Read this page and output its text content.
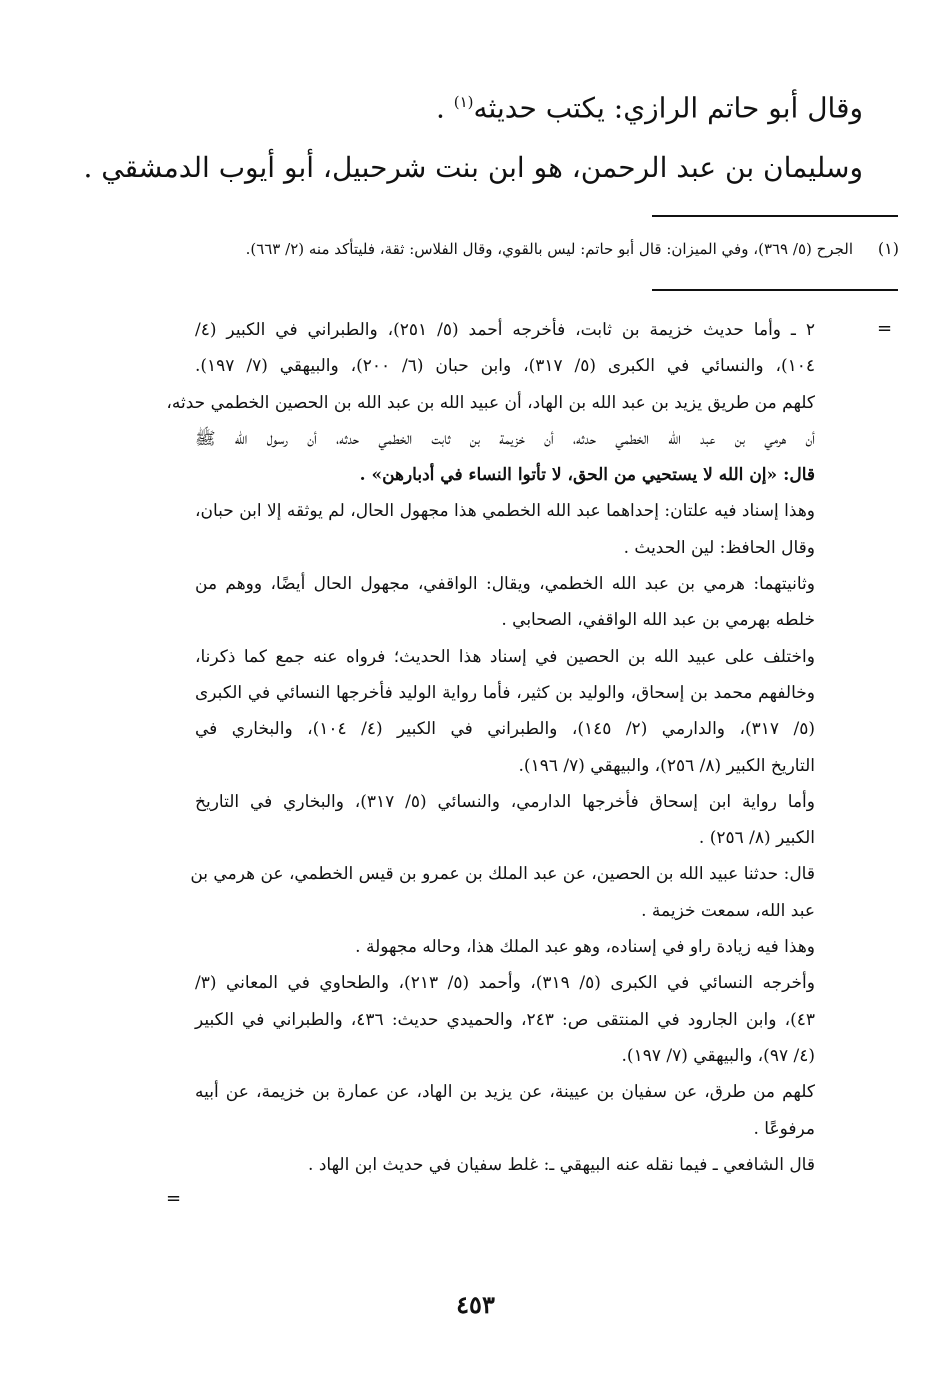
وقال أبو حاتم الرازي: يكتب حديثه$^{(١)}$ .
وسليمان بن عبد الرحمن، هو ابن بنت شرحبيل، أبو أيوب الدمشقي .
(١)
الجرح (٥/ ٣٦٩)، وفي الميزان: قال أبو حاتم: ليس بالقوي، وقال الفلاس: ثقة، فليتأكد منه (٢/ ٦٦٣).
=
٢ ـ وأما حديث خزيمة بن ثابت، فأخرجه أحمد (٥/ ٢٥١)، والطبراني في الكبير (٤/
١٠٤)، والنسائي في الكبرى (٥/ ٣١٧)، وابن حبان (٦/ ٢٠٠)، والبيهقي (٧/ ١٩٧).
كلهم من طريق يزيد بن عبد الله بن الهاد، أن عبيد الله بن عبد الله بن الحصين الخطمي حدثه،
أن هرمي بن عبد الله الخطمي حدثه، أن خزيمة بن ثابت الخطمي حدثه، أن رسول الله ﷺ
قال: «إن الله لا يستحيي من الحق، لا تأتوا النساء في أدبارهن» .
وهذا إسناد فيه علتان: إحداهما عبد الله الخطمي هذا مجهول الحال، لم يوثقه إلا ابن حبان،
وقال الحافظ: لين الحديث .
وثانيتهما: هرمي بن عبد الله الخطمي، ويقال: الواقفي، مجهول الحال أيضًا، ووهم من
خلطه بهرمي بن عبد الله الواقفي، الصحابي .
واختلف على عبيد الله بن الحصين في إسناد هذا الحديث؛ فرواه عنه جمع كما ذكرنا،
وخالفهم محمد بن إسحاق، والوليد بن كثير، فأما رواية الوليد فأخرجها النسائي في الكبرى
(٥/ ٣١٧)، والدارمي (٢/ ١٤٥)، والطبراني في الكبير (٤/ ١٠٤)، والبخاري في
التاريخ الكبير (٨/ ٢٥٦)، والبيهقي (٧/ ١٩٦).
وأما رواية ابن إسحاق فأخرجها الدارمي، والنسائي (٥/ ٣١٧)، والبخاري في التاريخ
الكبير (٨/ ٢٥٦) .
قال: حدثنا عبيد الله بن الحصين، عن عبد الملك بن عمرو بن قيس الخطمي، عن هرمي بن
عبد الله، سمعت خزيمة .
وهذا فيه زيادة راو في إسناده، وهو عبد الملك هذا، وحاله مجهولة .
وأخرجه النسائي في الكبرى (٥/ ٣١٩)، وأحمد (٥/ ٢١٣)، والطحاوي في المعاني (٣/
٤٣)، وابن الجارود في المنتقى ص: ٢٤٣، والحميدي حديث: ٤٣٦، والطبراني في الكبير
(٤/ ٩٧)، والبيهقي (٧/ ١٩٧).
كلهم من طرق، عن سفيان بن عيينة، عن يزيد بن الهاد، عن عمارة بن خزيمة، عن أبيه
مرفوعًا .
قال الشافعي ـ فيما نقله عنه البيهقي ـ: غلط سفيان في حديث ابن الهاد .
=
٤٥٣
